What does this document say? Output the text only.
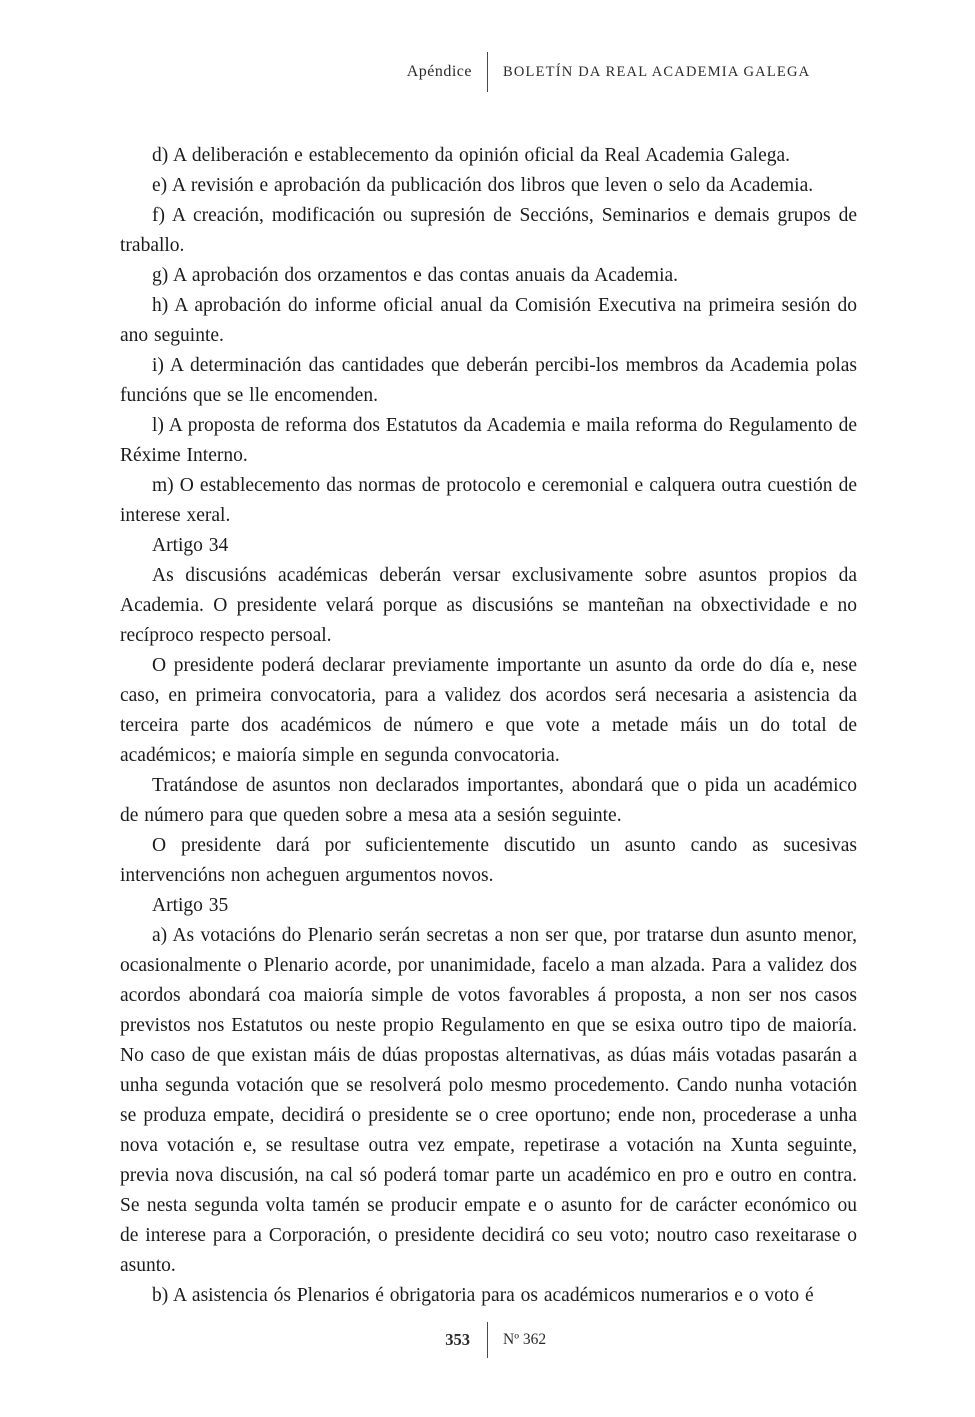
Apéndice	BOLETÍN DA REAL ACADEMIA GALEGA

d) A deliberación e establecemento da opinión oficial da Real Academia Galega.

e) A revisión e aprobación da publicación dos libros que leven o selo da Academia.

f) A creación, modificación ou supresión de Seccións, Seminarios e demais grupos de traballo.

g) A aprobación dos orzamentos e das contas anuais da Academia.

h) A aprobación do informe oficial anual da Comisión Executiva na primeira sesión do ano seguinte.

i) A determinación das cantidades que deberán percibi-los membros da Academia polas funcións que se lle encomenden.

l) A proposta de reforma dos Estatutos da Academia e maila reforma do Regulamento de Réxime Interno.

m) O establecemento das normas de protocolo e ceremonial e calquera outra cuestión de interese xeral.

Artigo 34

As discusións académicas deberán versar exclusivamente sobre asuntos propios da Academia. O presidente velará porque as discusións se manteñan na obxectividade e no recíproco respecto persoal.

O presidente poderá declarar previamente importante un asunto da orde do día e, nese caso, en primeira convocatoria, para a validez dos acordos será necesaria a asistencia da terceira parte dos académicos de número e que vote a metade máis un do total de académicos; e maioría simple en segunda convocatoria.

Tratándose de asuntos non declarados importantes, abondará que o pida un académico de número para que queden sobre a mesa ata a sesión seguinte.

O presidente dará por suficientemente discutido un asunto cando as sucesivas intervencións non acheguen argumentos novos.

Artigo 35

a) As votacións do Plenario serán secretas a non ser que, por tratarse dun asunto menor, ocasionalmente o Plenario acorde, por unanimidade, facelo a man alzada. Para a validez dos acordos abondará coa maioría simple de votos favorables á proposta, a non ser nos casos previstos nos Estatutos ou neste propio Regulamento en que se esixa outro tipo de maioría. No caso de que existan máis de dúas propostas alternativas, as dúas máis votadas pasarán a unha segunda votación que se resolverá polo mesmo procedemento. Cando nunha votación se produza empate, decidirá o presidente se o cree oportuno; ende non, procederase a unha nova votación e, se resultase outra vez empate, repetirase a votación na Xunta seguinte, previa nova discusión, na cal só poderá tomar parte un académico en pro e outro en contra. Se nesta segunda volta tamén se producir empate e o asunto for de carácter económico ou de interese para a Corporación, o presidente decidirá co seu voto; noutro caso rexeitarase o asunto.

b) A asistencia ós Plenarios é obrigatoria para os académicos numerarios e o voto é

353	Nº 362
